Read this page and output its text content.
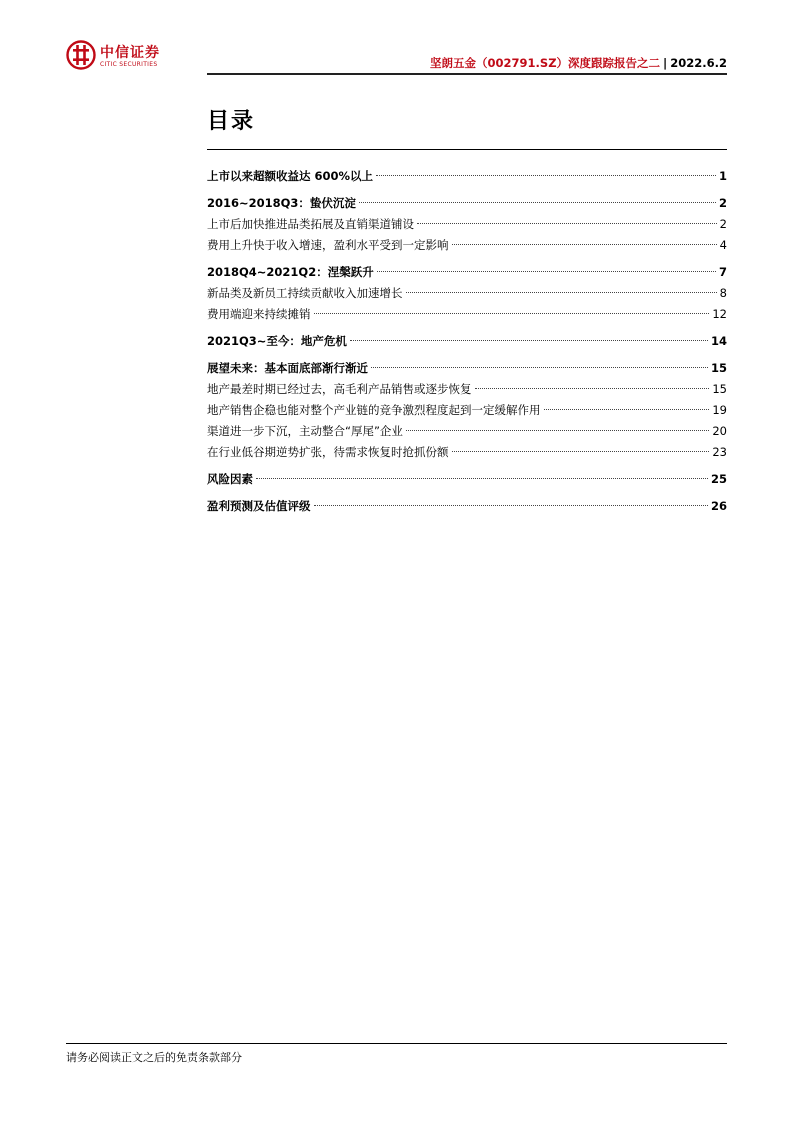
中信证券
CITIC SECURITIES	坚朗五金（002791.SZ）深度跟踪报告之二 | 2022.6.2
目录
上市以来超额收益达 600%以上	1
2016~2018Q3：蛰伏沉淀	2
上市后加快推进品类拓展及直销渠道铺设	2
费用上升快于收入增速，盈利水平受到一定影响	4
2018Q4~2021Q2：涅槃跃升	7
新品类及新员工持续贡献收入加速增长	8
费用端迎来持续摊销	12
2021Q3~至今：地产危机	14
展望未来：基本面底部渐行渐近	15
地产最差时期已经过去，高毛利产品销售或逐步恢复	15
地产销售企稳也能对整个产业链的竞争激烈程度起到一定缓解作用	19
渠道进一步下沉，主动整合“厚尾”企业	20
在行业低谷期逆势扩张，待需求恢复时抢抓份额	23
风险因素	25
盈利预测及估值评级	26
请务必阅读正文之后的免责条款部分
